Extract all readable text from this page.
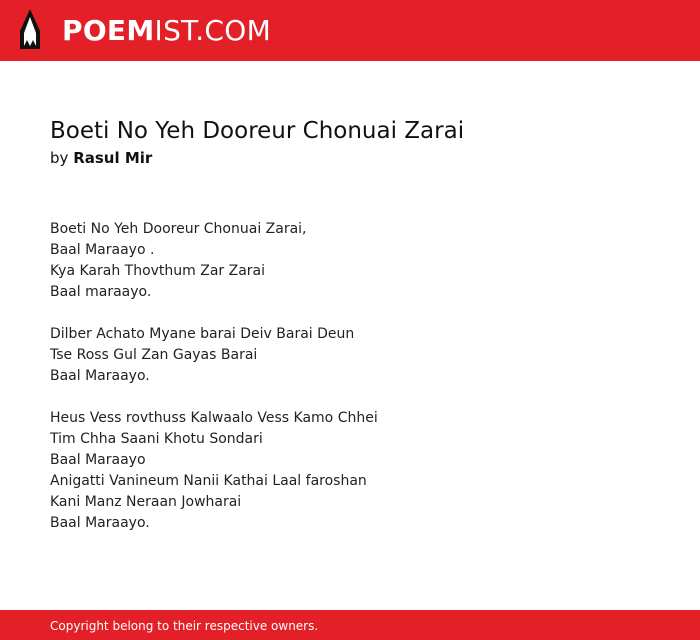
POEMIST.COM
Boeti No Yeh Dooreur Chonuai Zarai
by Rasul Mir

Boeti No Yeh Dooreur Chonuai Zarai,
Baal Maraayo .
Kya Karah Thovthum Zar Zarai
Baal maraayo.

Dilber Achato Myane barai Deiv Barai Deun
Tse Ross Gul Zan Gayas Barai
Baal Maraayo.

Heus Vess rovthuss Kalwaalo Vess Kamo Chhei
Tim Chha Saani Khotu Sondari
Baal Maraayo
Anigatti Vanineum Nanii Kathai Laal faroshan
Kani Manz Neraan Jowharai
Baal Maraayo.

Copyright belong to their respective owners.
